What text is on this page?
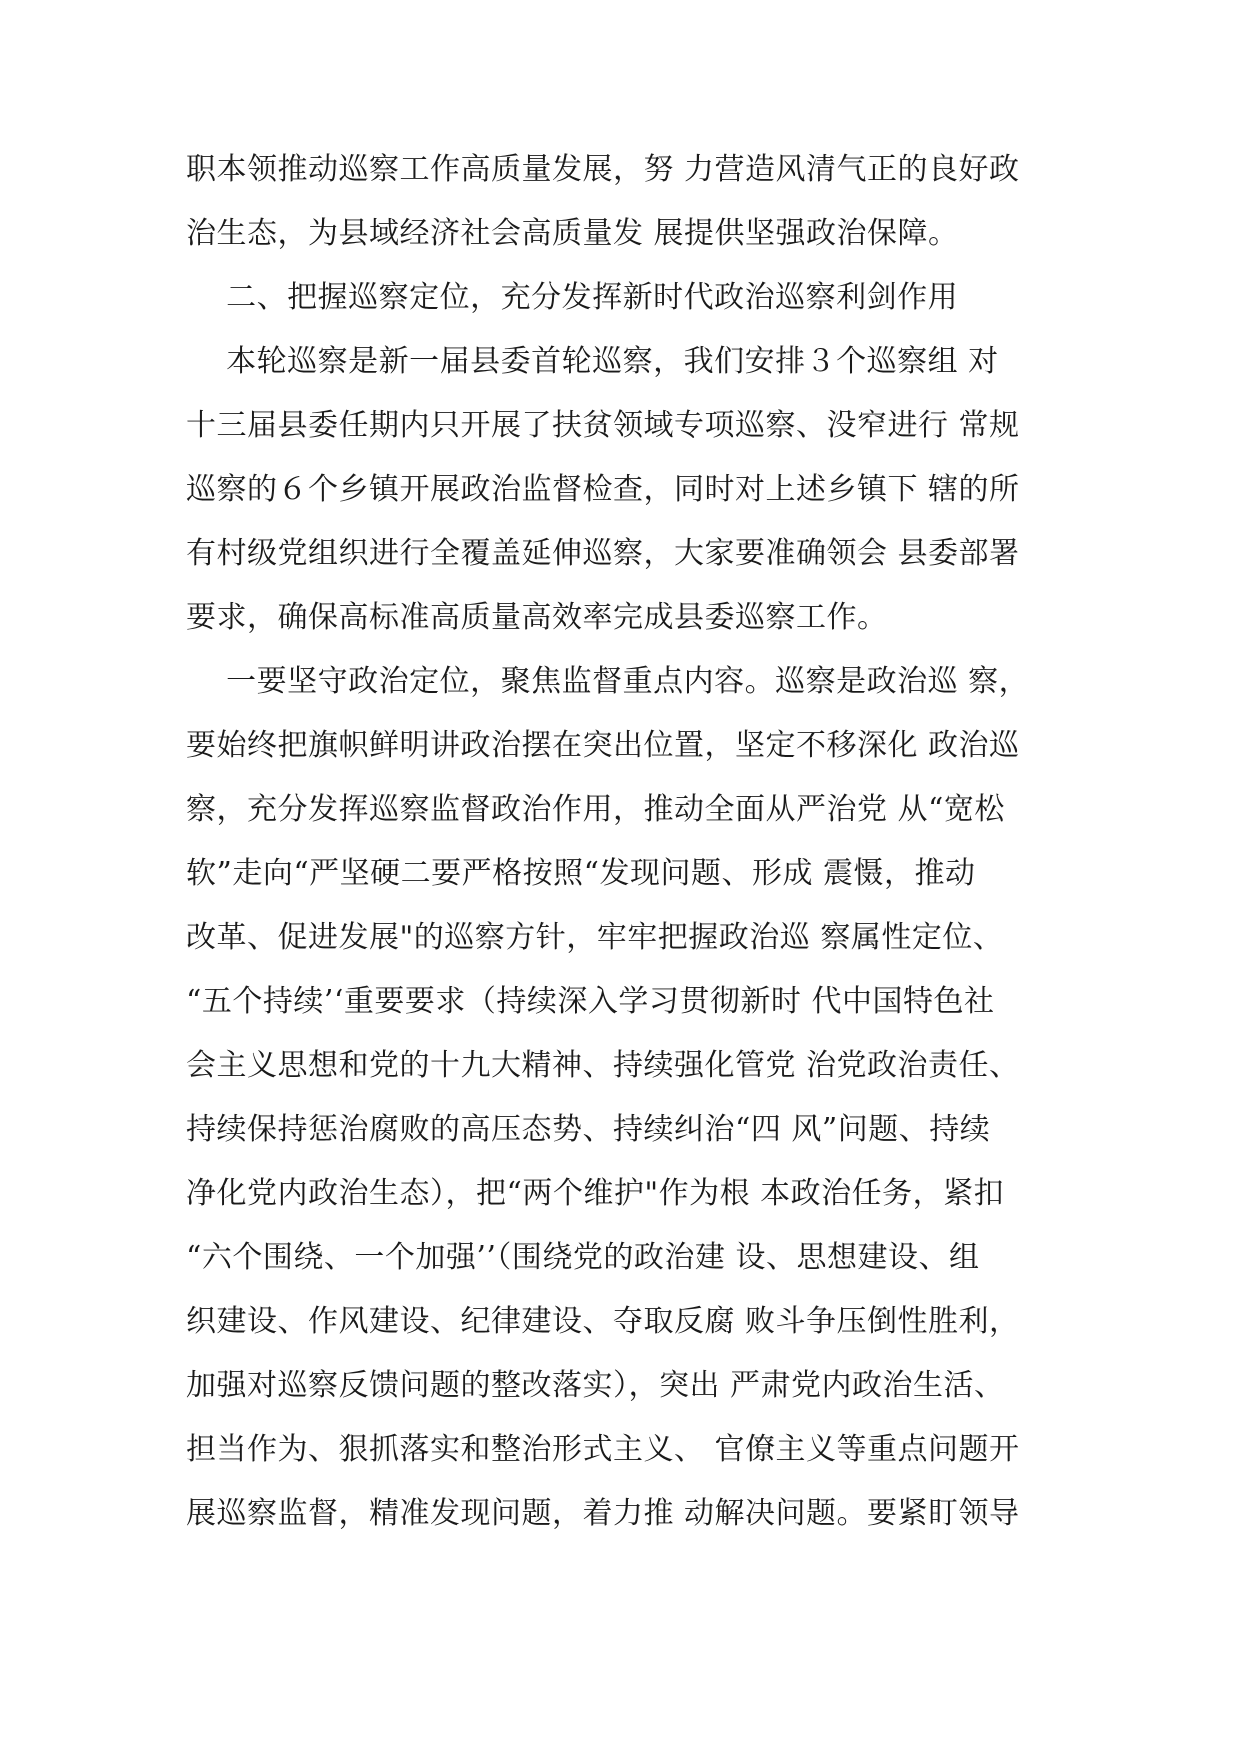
职本领推动巡察工作高质量发展，努 力营造风清气正的良好政
治生态，为县域经济社会高质量发 展提供坚强政治保障。
二、把握巡察定位，充分发挥新时代政治巡察利剑作用
本轮巡察是新一届县委首轮巡察，我们安排３个巡察组 对
十三届县委任期内只开展了扶贫领域专项巡察、没窄进行 常规
巡察的６个乡镇开展政治监督检查，同时对上述乡镇下 辖的所
有村级党组织进行全覆盖延伸巡察，大家要准确领会 县委部署
要求，确保高标准高质量高效率完成县委巡察工作。
一要坚守政治定位，聚焦监督重点内容。巡察是政治巡 察，
要始终把旗帜鲜明讲政治摆在突出位置，坚定不移深化 政治巡
察，充分发挥巡察监督政治作用，推动全面从严治党 从“宽松
软”走向“严坚硬二要严格按照“发现问题、形成 震慑，推动
改革、促进发展"的巡察方针，牢牢把握政治巡 察属性定位、
“五个持续’‘重要要求（持续深入学习贯彻新时 代中国特色社
会主义思想和党的十九大精神、持续强化管党 治党政治责任、
持续保持惩治腐败的高压态势、持续纠治“四 风”问题、持续
净化党内政治生态），把“两个维护"作为根 本政治任务，紧扣
“六个围绕、一个加强’’（围绕党的政治建 设、思想建设、组
织建设、作风建设、纪律建设、夺取反腐 败斗争压倒性胜利，
加强对巡察反馈问题的整改落实），突出 严肃党内政治生活、
担当作为、狠抓落实和整治形式主义、 官僚主义等重点问题开
展巡察监督，精准发现问题，着力推 动解决问题。要紧盯领导
